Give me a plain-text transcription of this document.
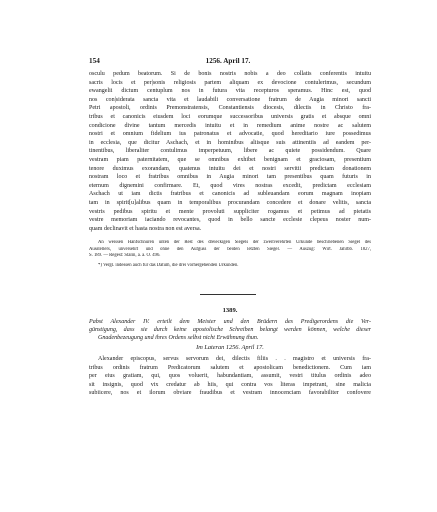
154	1256. April 17.
osculu pedum beatorum. Si de bonis nostris nobis a deo collatis conferentis intuitu
sacris locis et per|sonis religiosis partem aliquam ex devocione contulerimus, secundum
ewangelii dictum centuplum nos in futura vita recepturos speramus. Hinc est, quod
nos con|siderata sancta vita et laudabili conversatione fratrum de Augia minori sancti
Petri apostoli, ordinis Premonstratensis, Constantiensis diocesis, dilectis in Christo fra-
tribus et canonicis eiusdem loci eorumque successoribus universis gratis et absque omni
condicione divine tantum mercedis intuitu et in remedium anime nostre ac salutem
nostri et omnium fidelium ius patronatus et advocatie, quod hereditario iure possedimus
in ecclesia, que dicitur Aschach, et in hominibus aliisque suis attinentiis ad eandem per-
tinentibus, liberaliter contulimus imperpetuum, libere ac quiete possidendum. Quare
vestram piam paternitatem, que se omnibus exhibet benignam et graciosam, presentium
tenore duximus exorandam, quatenus intuitu dei et nostri servitii predictam donationem
nostram loco et fratribus omnibus in Augia minori tam presentibus quam futuris in
eternum dignemini confirmare. Et, quod vires nostras excedit, predictam ecclesiam
Aschach ut iam dictis fratribus et canonicis ad subleuandam eorum magnam inopiam
tam in spirit[u]alibus quam in temporalibus procurandam concedere et donare velitis, sancta
vestris pedibus spiritu et mente provoluti suppliciter rogamus et petimus ad pietatis
vestre memoriam iaciando revocantes, quod in bello sancte ecclesie clepeus noster num-
quam declinavit et hasta nostra non est aversa.
An weissen Hanfschnüren unten der Rest des dreieckigen Siegels der zweitverehrten Urkunde beschriebenen Siegel des
Ausstellers, unversehrt und ohne den Aufguss der beiden letzten Siegel. — Auszug: Wirt. Jahrbb. 1827,
S. 189. — Regest: Stälin, a. a. O. 496.
*) Vergl. indessen auch für das Datum, die drei vorhergehenden Urkunden.
1389.
Pabst Alexander IV. erteilt dem Meister und den Brüdern des Predigerordens die Ver-
günstigung, dass sie durch keine apostolische Schreiben belangt werden können, welche dieser
Gnadenbezeugung und ihres Ordens selbst nicht Erwähnung thun.
Im Lateran 1256. April 17.
Alexander episcopus, servus servorum dei, dilectis filiis . . magistro et universis fra-
tribus ordinis fratrum Predicatorum salutem et apostolicam benedictionem. Cum iam
per eius gratiam, qui, quos voluerit, habundantiam, assumit, vestri titulus ordinis adeo
sit insignis, quod vix credatur ab hiis, qui contra vos literas impetrant, sine malicia
subiicere, nos et ilorum obviare fraudibus et vestram innocenciam favorabiliter confovere
